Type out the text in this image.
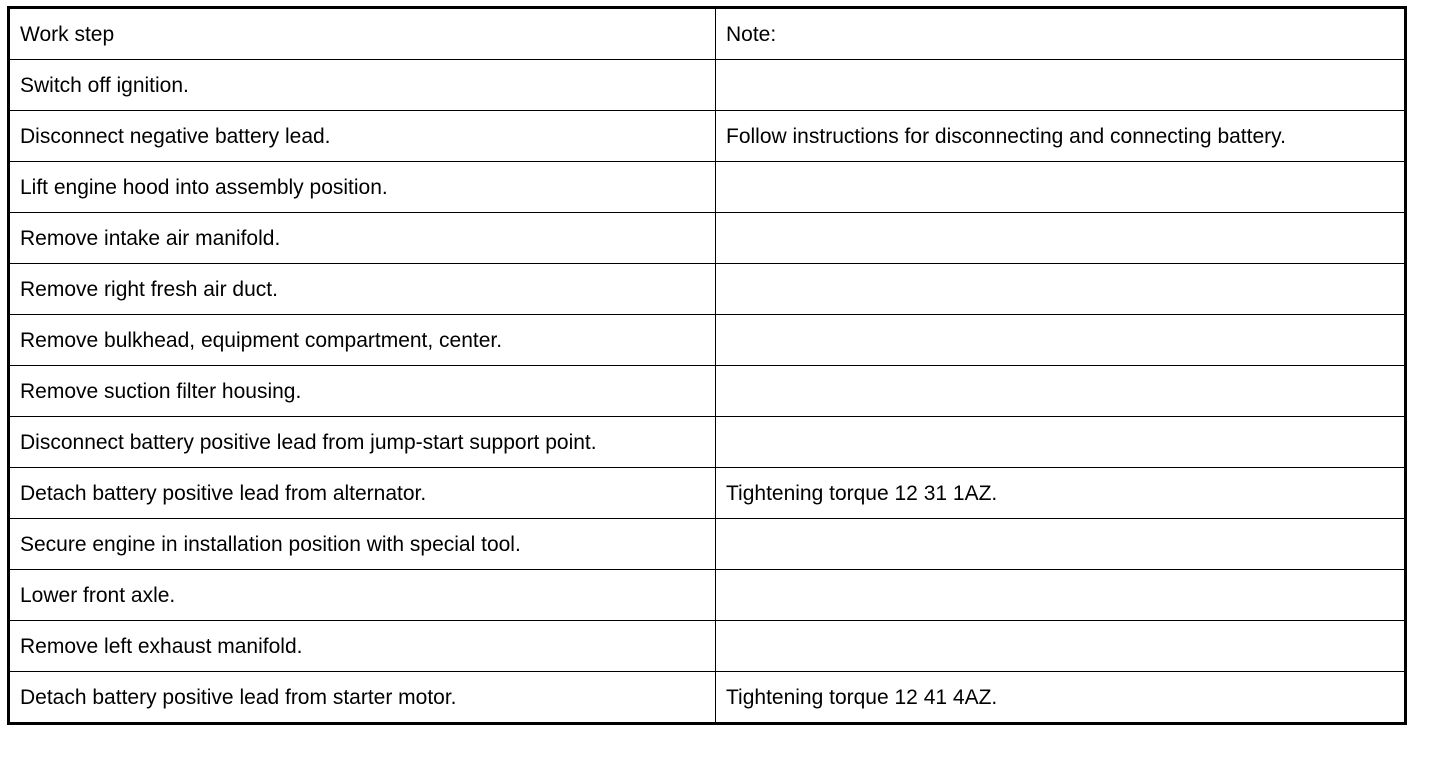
Work step	Note:
Switch off ignition.	
Disconnect negative battery lead.	Follow instructions for disconnecting and connecting battery.
Lift engine hood into assembly position.	
Remove intake air manifold.	
Remove right fresh air duct.	
Remove bulkhead, equipment compartment, center.	
Remove suction filter housing.	
Disconnect battery positive lead from jump-start support point.	
Detach battery positive lead from alternator.	Tightening torque 12 31 1AZ.
Secure engine in installation position with special tool.	
Lower front axle.	
Remove left exhaust manifold.	
Detach battery positive lead from starter motor.	Tightening torque 12 41 4AZ.
